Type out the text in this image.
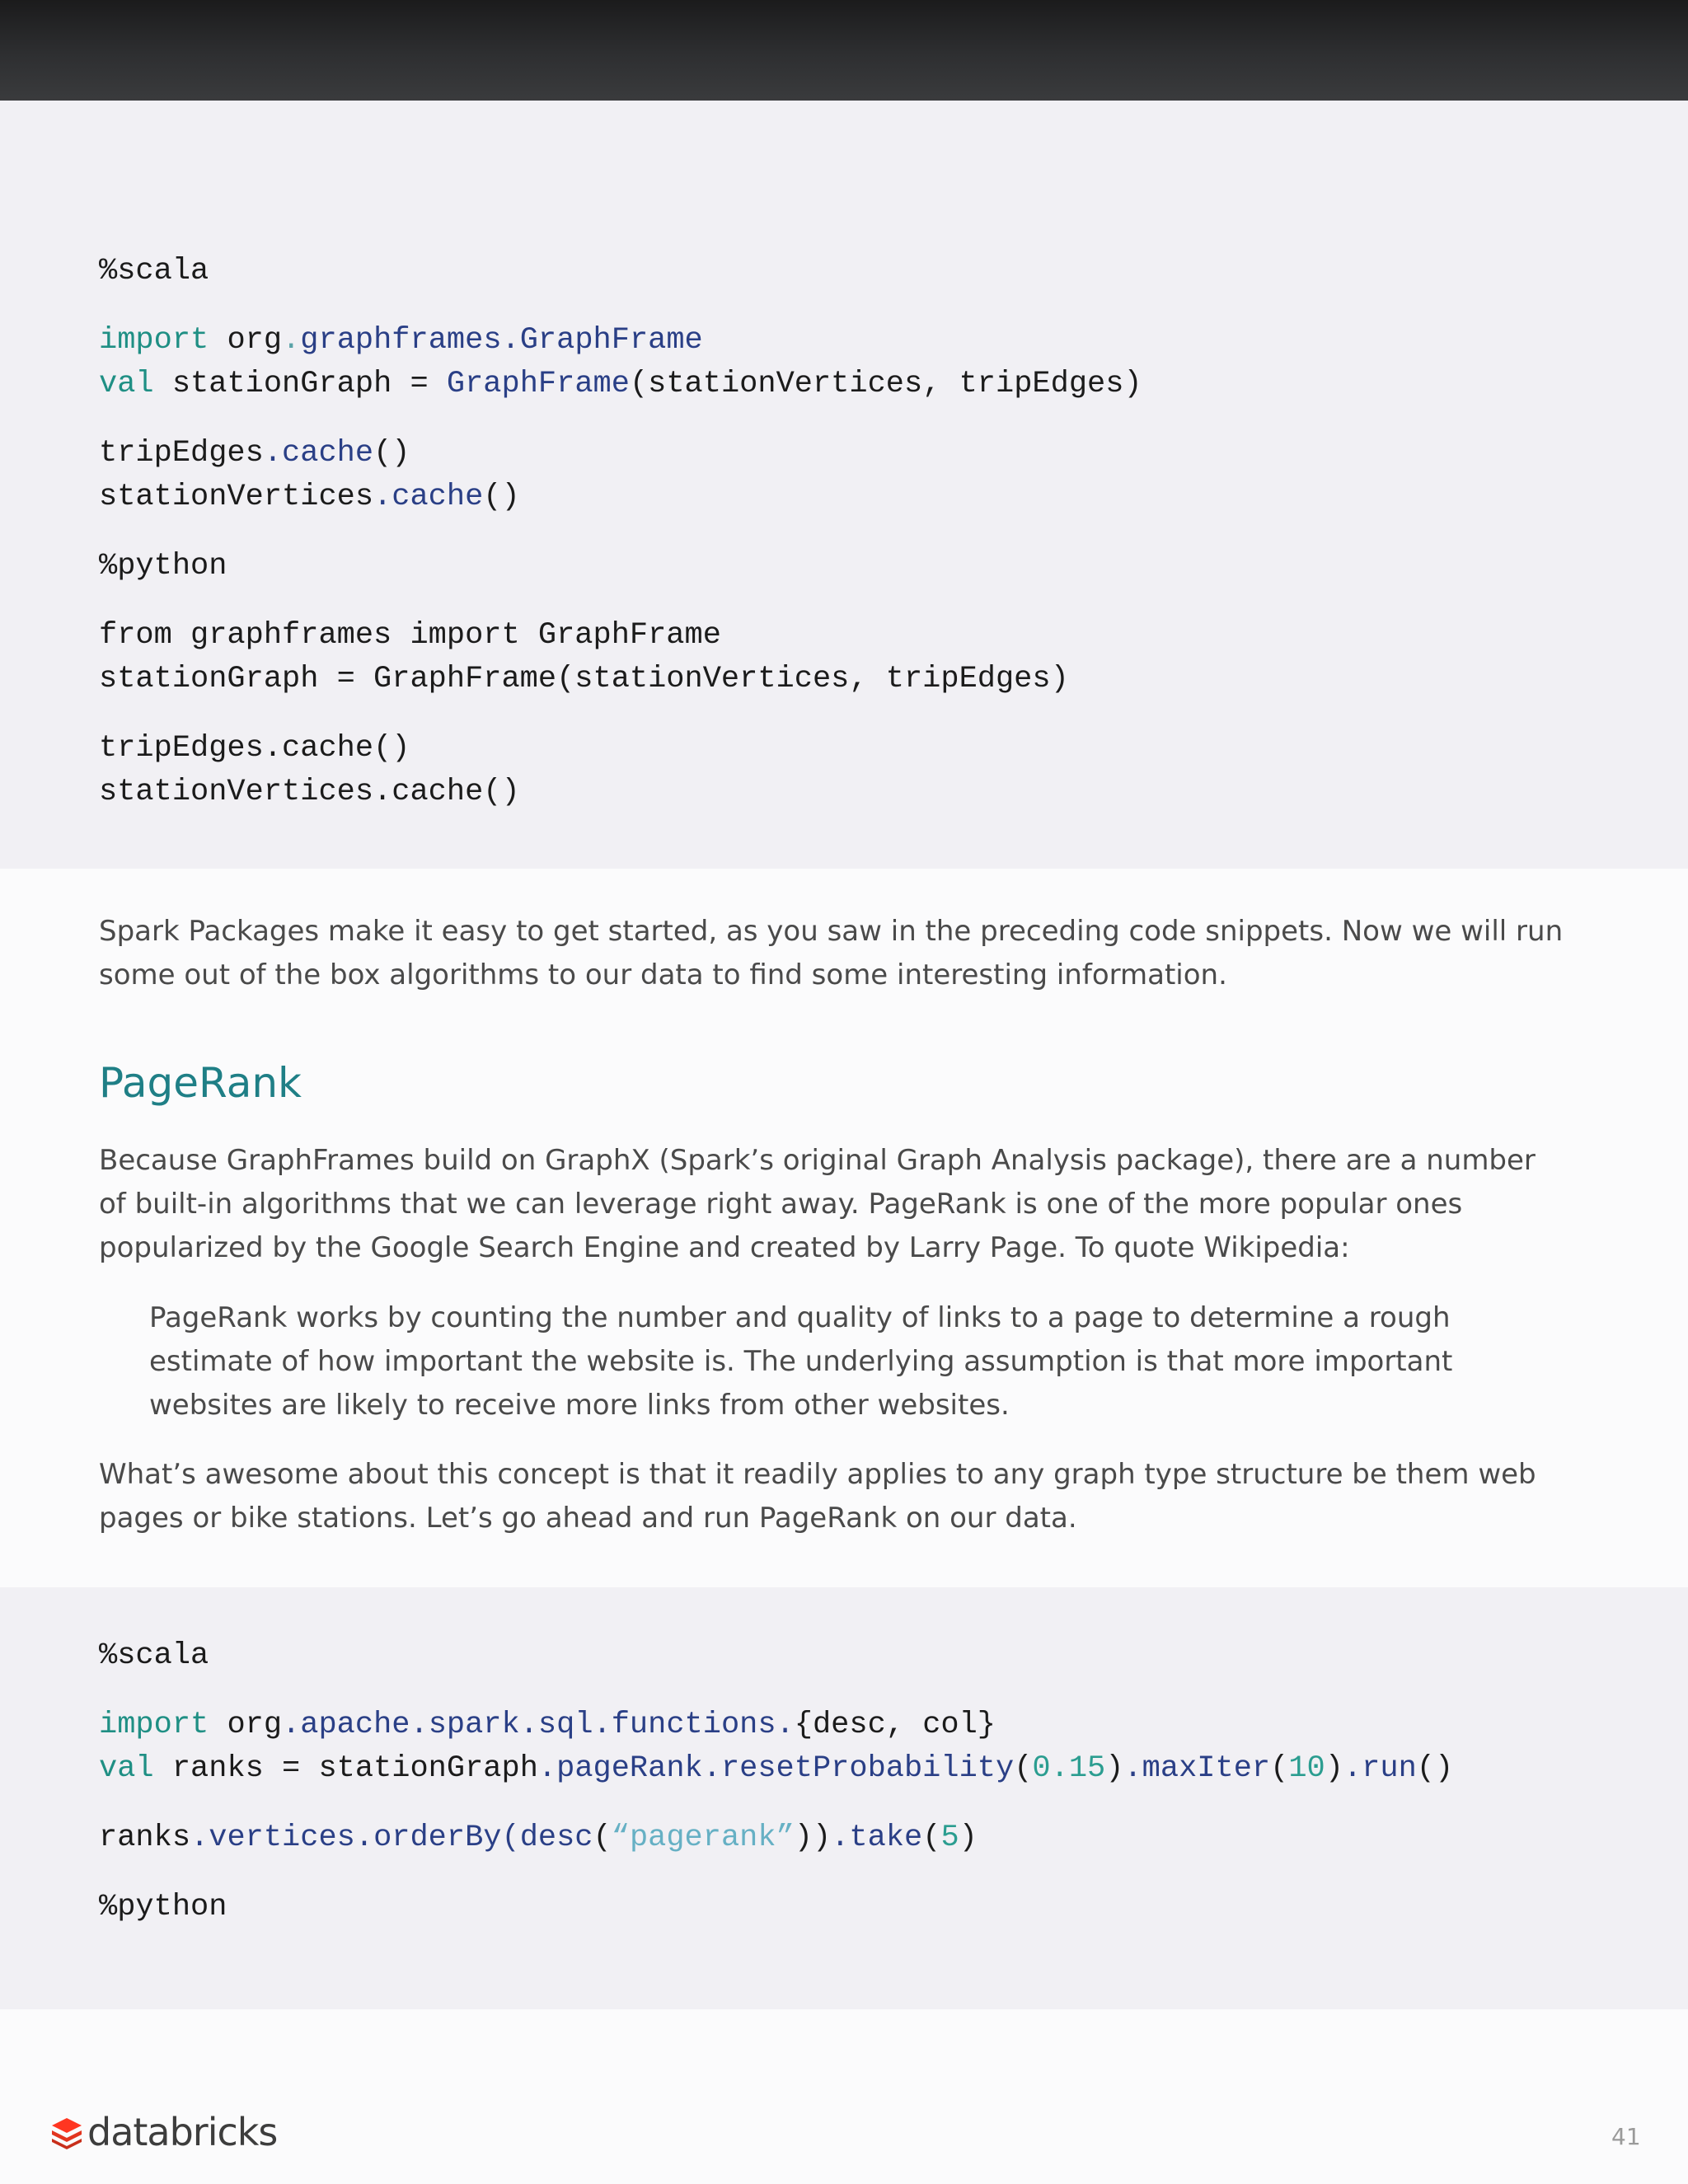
%scala
import org.graphframes.GraphFrame
val stationGraph = GraphFrame(stationVertices, tripEdges)
tripEdges.cache()
stationVertices.cache()
%python
from graphframes import GraphFrame
stationGraph = GraphFrame(stationVertices, tripEdges)
tripEdges.cache()
stationVertices.cache()

Spark Packages make it easy to get started, as you saw in the preceding code snippets. Now we will run some out of the box algorithms to our data to find some interesting information.

PageRank

Because GraphFrames build on GraphX (Spark’s original Graph Analysis package), there are a number of built-in algorithms that we can leverage right away. PageRank is one of the more popular ones popularized by the Google Search Engine and created by Larry Page. To quote Wikipedia:

PageRank works by counting the number and quality of links to a page to determine a rough estimate of how important the website is. The underlying assumption is that more important websites are likely to receive more links from other websites.

What’s awesome about this concept is that it readily applies to any graph type structure be them web pages or bike stations. Let’s go ahead and run PageRank on our data.

%scala
import org.apache.spark.sql.functions.{desc, col}
val ranks = stationGraph.pageRank.resetProbability(0.15).maxIter(10).run()
ranks.vertices.orderBy(desc(“pagerank”)).take(5)
%python
databricks	41
